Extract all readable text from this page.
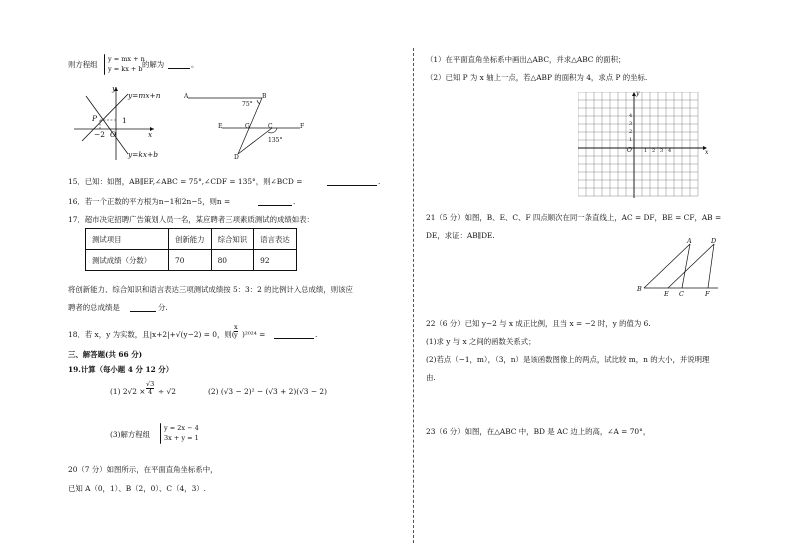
则方程组
y = mx + n
y = kx + b 的解为	。
y
y=mx+n
P	1
−2 O	x
y=kx+b
A	B
75°
E	G	C	F
135°
D
15．已知：如图，AB∥EF,∠ABC = 75°,∠CDF = 135°，则∠BCD =	.
16．若一个正数的平方根为n−1和2n−5，则n =	.
17．超市决定招聘广告策划人员一名，某应聘者三项素质测试的成绩如表：
测试项目	创新能力	综合知识	语言表达
测试成绩（分数）	70	80	92
将创新能力、综合知识和语言表达三项测试成绩按 5：3：2 的比例计入总成绩，则该应
聘者的总成绩是	分.
18．若 x，y 为实数，且|x+2|+√(y−2) = 0，则( $\frac{x}{y} )^{2024}$ =	.
三、解答题(共 66 分)
19.计算（每小题 4 分 12 分）
(1) $2√2 \times \frac{√3}{4} \div √2$	(2) (√3 − 2)² − (√3 + 2)(√3 − 2)
(3)解方程组
y = 2x − 4
3x + y = 1
20（7 分）如图所示，在平面直角坐标系中，
已知 A（0，1）、B（2，0）、C（4，3）.
（1）在平面直角坐标系中画出△ABC，并求△ABC 的面积；
（2）已知 P 为 x 轴上一点，若△ABP 的面积为 4，求点 P 的坐标.
y
x
O 1 2 3 4
4
3
2
1
21（5 分）如图，B、E、C、F 四点顺次在同一条直线上，AC = DF，BE = CF，AB =
DE，求证：AB∥DE.
A	D
B
E C	F
22（6 分）已知 y−2 与 x 成正比例，且当 x = −2 时，y 的值为 6.
(1)求 y 与 x 之间的函数关系式；
(2)若点（−1，m），（3，n）是该函数图像上的两点，试比较 m，n 的大小，并说明理
由.
23（6 分）如图，在△ABC 中，BD 是 AC 边上的高，∠A = 70°，
